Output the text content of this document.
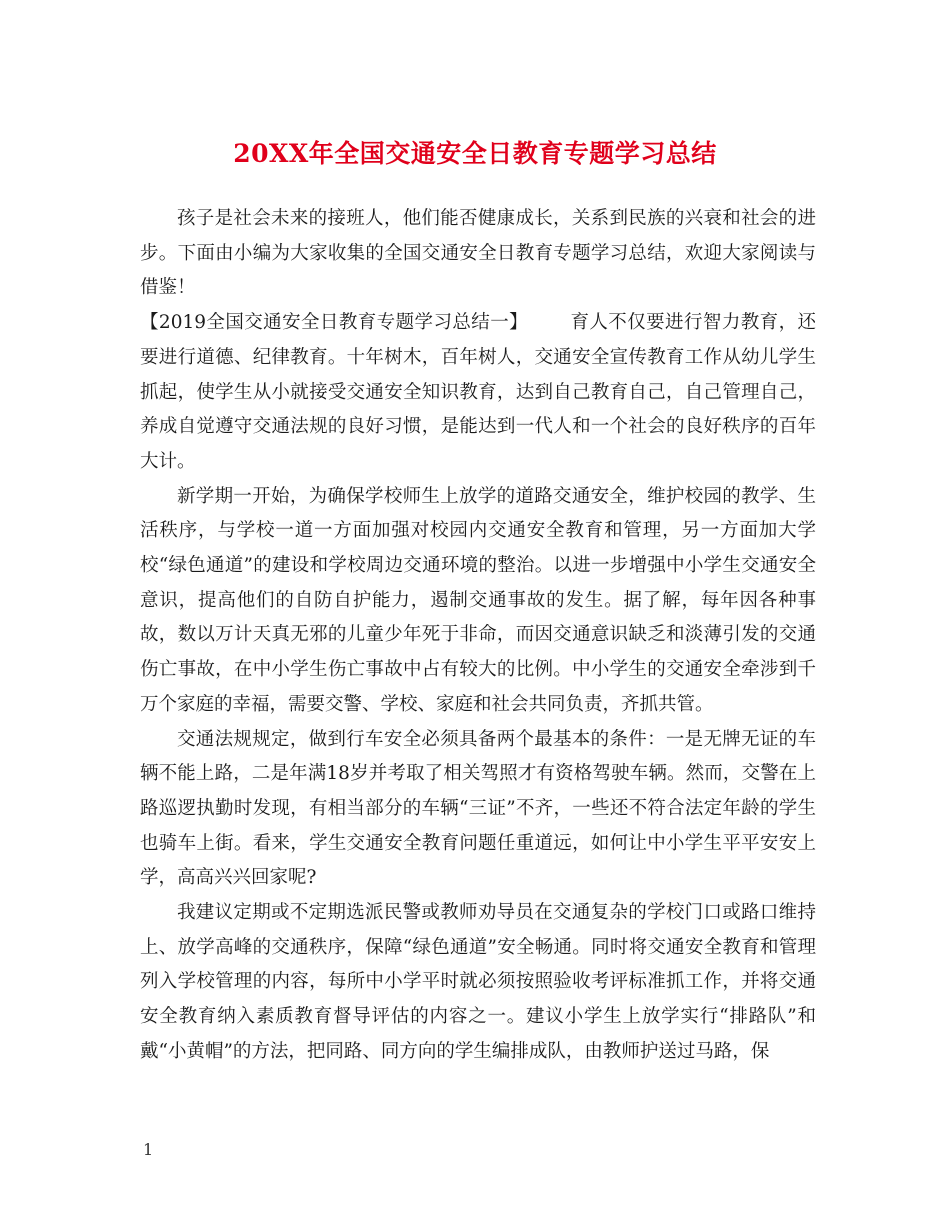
20XX年全国交通安全日教育专题学习总结

孩子是社会未来的接班人，他们能否健康成长，关系到民族的兴衰和社会的进步。下面由小编为大家收集的全国交通安全日教育专题学习总结，欢迎大家阅读与借鉴！

【2019全国交通安全日教育专题学习总结一】 育人不仅要进行智力教育，还要进行道德、纪律教育。十年树木，百年树人，交通安全宣传教育工作从幼儿学生抓起，使学生从小就接受交通安全知识教育，达到自己教育自己，自己管理自己，养成自觉遵守交通法规的良好习惯，是能达到一代人和一个社会的良好秩序的百年大计。

新学期一开始，为确保学校师生上放学的道路交通安全，维护校园的教学、生活秩序，与学校一道一方面加强对校园内交通安全教育和管理，另一方面加大学校“绿色通道”的建设和学校周边交通环境的整治。以进一步增强中小学生交通安全意识，提高他们的自防自护能力，遏制交通事故的发生。据了解，每年因各种事故，数以万计天真无邪的儿童少年死于非命，而因交通意识缺乏和淡薄引发的交通伤亡事故，在中小学生伤亡事故中占有较大的比例。中小学生的交通安全牵涉到千万个家庭的幸福，需要交警、学校、家庭和社会共同负责，齐抓共管。

交通法规规定，做到行车安全必须具备两个最基本的条件：一是无牌无证的车辆不能上路，二是年满18岁并考取了相关驾照才有资格驾驶车辆。然而，交警在上路巡逻执勤时发现，有相当部分的车辆“三证”不齐，一些还不符合法定年龄的学生也骑车上街。看来，学生交通安全教育问题任重道远，如何让中小学生平平安安上学，高高兴兴回家呢?

我建议定期或不定期选派民警或教师劝导员在交通复杂的学校门口或路口维持上、放学高峰的交通秩序，保障“绿色通道”安全畅通。同时将交通安全教育和管理列入学校管理的内容，每所中小学平时就必须按照验收考评标准抓工作，并将交通安全教育纳入素质教育督导评估的内容之一。建议小学生上放学实行“排路队”和戴“小黄帽”的方法，把同路、同方向的学生编排成队，由教师护送过马路，保

1
